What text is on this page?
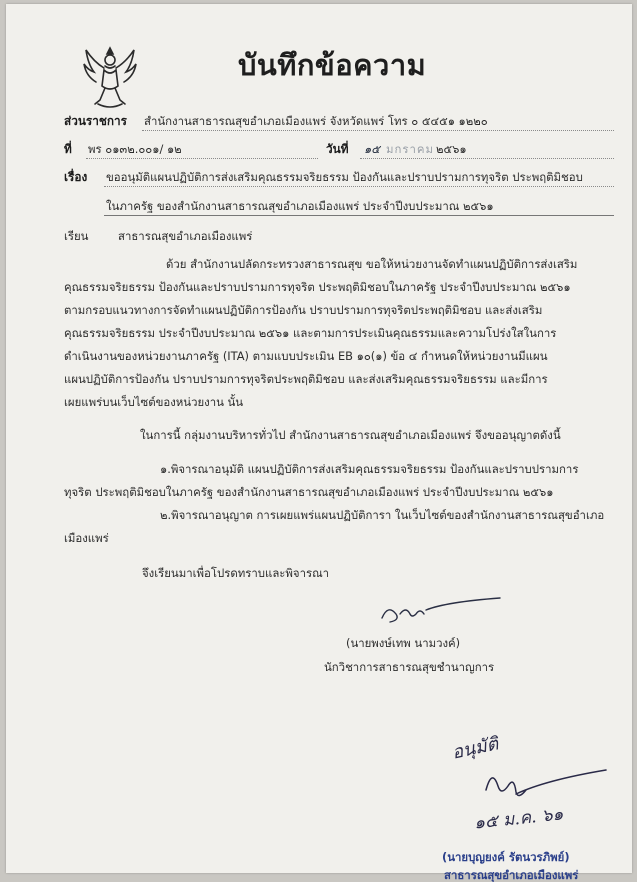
บันทึกข้อความ
ส่วนราชการ สำนักงานสาธารณสุขอำเภอเมืองแพร่ จังหวัดแพร่ โทร ๐ ๕๔๕๑ ๑๒๒๐
ที่ พร ๐๑๓๒.๐๐๑/ ๑๒	วันที่ ๑๕ มกราคม ๒๕๖๑
เรื่อง ขออนุมัติแผนปฏิบัติการส่งเสริมคุณธรรมจริยธรรม ป้องกันและปราบปรามการทุจริต ประพฤติมิชอบ
ในภาครัฐ ของสำนักงานสาธารณสุขอำเภอเมืองแพร่ ประจำปีงบประมาณ ๒๕๖๑
เรียน	สาธารณสุขอำเภอเมืองแพร่
ด้วย สำนักงานปลัดกระทรวงสาธารณสุข ขอให้หน่วยงานจัดทำแผนปฏิบัติการส่งเสริม
คุณธรรมจริยธรรม ป้องกันและปราบปรามการทุจริต ประพฤติมิชอบในภาครัฐ ประจำปีงบประมาณ ๒๕๖๑
ตามกรอบแนวทางการจัดทำแผนปฏิบัติการป้องกัน ปราบปรามการทุจริตประพฤติมิชอบ และส่งเสริม
คุณธรรมจริยธรรม ประจำปีงบประมาณ ๒๕๖๑ และตามการประเมินคุณธรรมและความโปร่งใสในการ
ดำเนินงานของหน่วยงานภาครัฐ (ITA) ตามแบบประเมิน EB ๑๐(๑) ข้อ ๔ กำหนดให้หน่วยงานมีแผน
แผนปฏิบัติการป้องกัน ปราบปรามการทุจริตประพฤติมิชอบ และส่งเสริมคุณธรรมจริยธรรม และมีการ
เผยแพร่บนเว็บไซต์ของหน่วยงาน นั้น
ในการนี้ กลุ่มงานบริหารทั่วไป สำนักงานสาธารณสุขอำเภอเมืองแพร่ จึงขออนุญาตดังนี้
๑.พิจารณาอนุมัติ แผนปฏิบัติการส่งเสริมคุณธรรมจริยธรรม ป้องกันและปราบปรามการ
ทุจริต ประพฤติมิชอบในภาครัฐ ของสำนักงานสาธารณสุขอำเภอเมืองแพร่ ประจำปีงบประมาณ ๒๕๖๑
๒.พิจารณาอนุญาต การเผยแพร่แผนปฏิบัติการา ในเว็บไซต์ของสำนักงานสาธารณสุขอำเภอ
เมืองแพร่
จึงเรียนมาเพื่อโปรดทราบและพิจารณา
(นายพงษ์เทพ นามวงค์)
นักวิชาการสาธารณสุขชำนาญการ
อนุมัติ
๑๕ ม.ค. ๖๑
(นายบุญยงค์ รัตนวรภิพย์)
สาธารณสุขอำเภอเมืองแพร่
